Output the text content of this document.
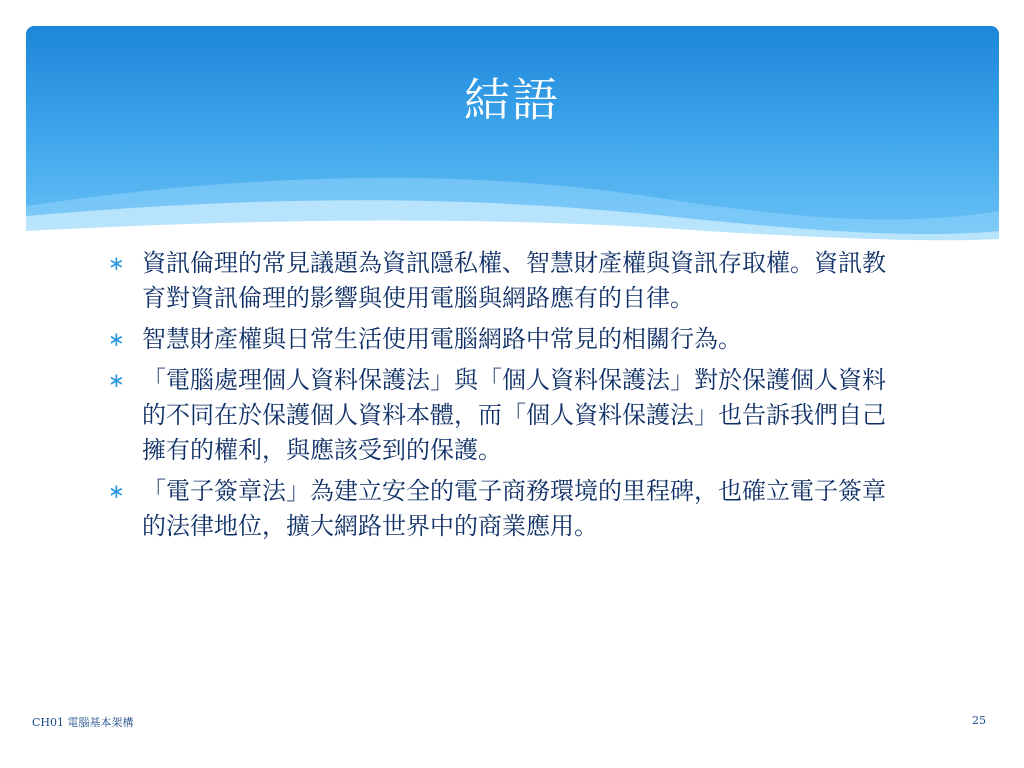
結語
∗ 資訊倫理的常見議題為資訊隱私權、智慧財產權與資訊存取權。資訊教育對資訊倫理的影響與使用電腦與網路應有的自律。
∗ 智慧財產權與日常生活使用電腦網路中常見的相關行為。
∗ 「電腦處理個人資料保護法」與「個人資料保護法」對於保護個人資料的不同在於保護個人資料本體，而「個人資料保護法」也告訴我們自己擁有的權利，與應該受到的保護。
∗ 「電子簽章法」為建立安全的電子商務環境的里程碑，也確立電子簽章的法律地位，擴大網路世界中的商業應用。
CH01 電腦基本架構	25
